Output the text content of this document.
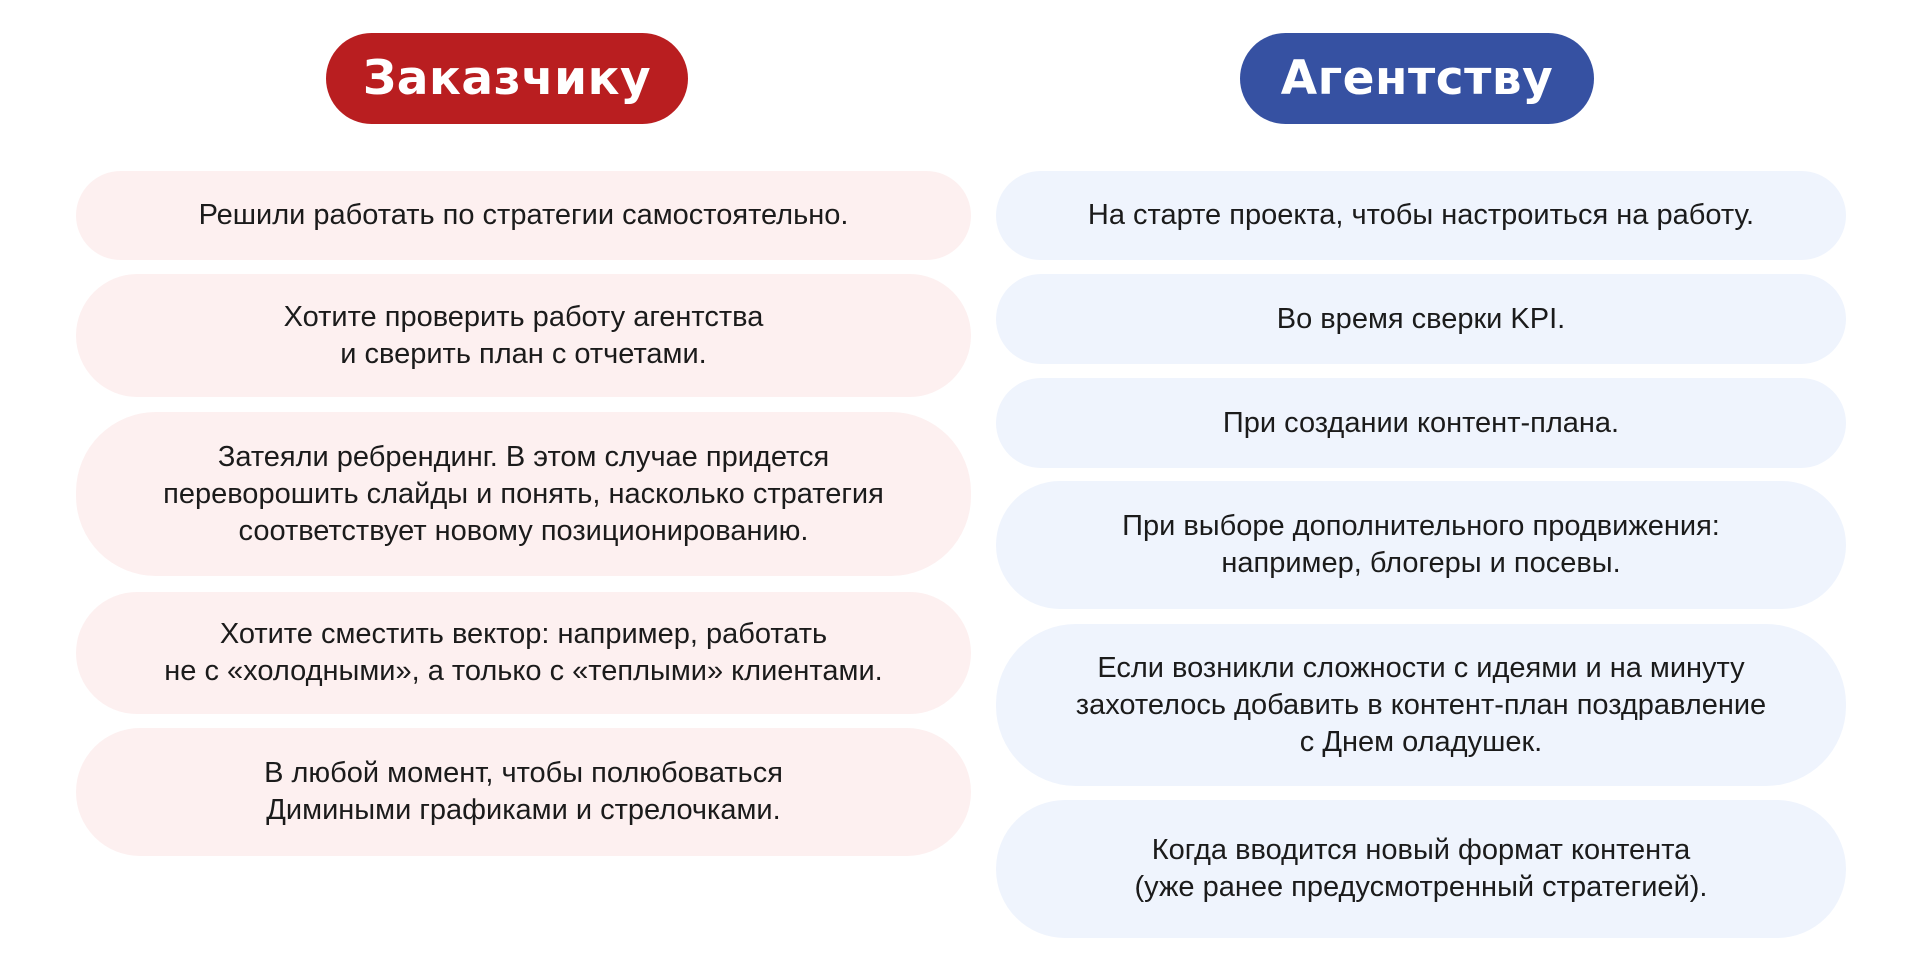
Заказчику	Агентству
Решили работать по стратегии самостоятельно.
Хотите проверить работу агентства
и сверить план с отчетами.
Затеяли ребрендинг. В этом случае придется
переворошить слайды и понять, насколько стратегия
соответствует новому позиционированию.
Хотите сместить вектор: например, работать
не с «холодными», а только с «теплыми» клиентами.
В любой момент, чтобы полюбоваться
Димиными графиками и стрелочками.
На старте проекта, чтобы настроиться на работу.
Во время сверки KPI.
При создании контент-плана.
При выборе дополнительного продвижения:
например, блогеры и посевы.
Если возникли сложности с идеями и на минуту
захотелось добавить в контент-план поздравление
с Днем оладушек.
Когда вводится новый формат контента
(уже ранее предусмотренный стратегией).
